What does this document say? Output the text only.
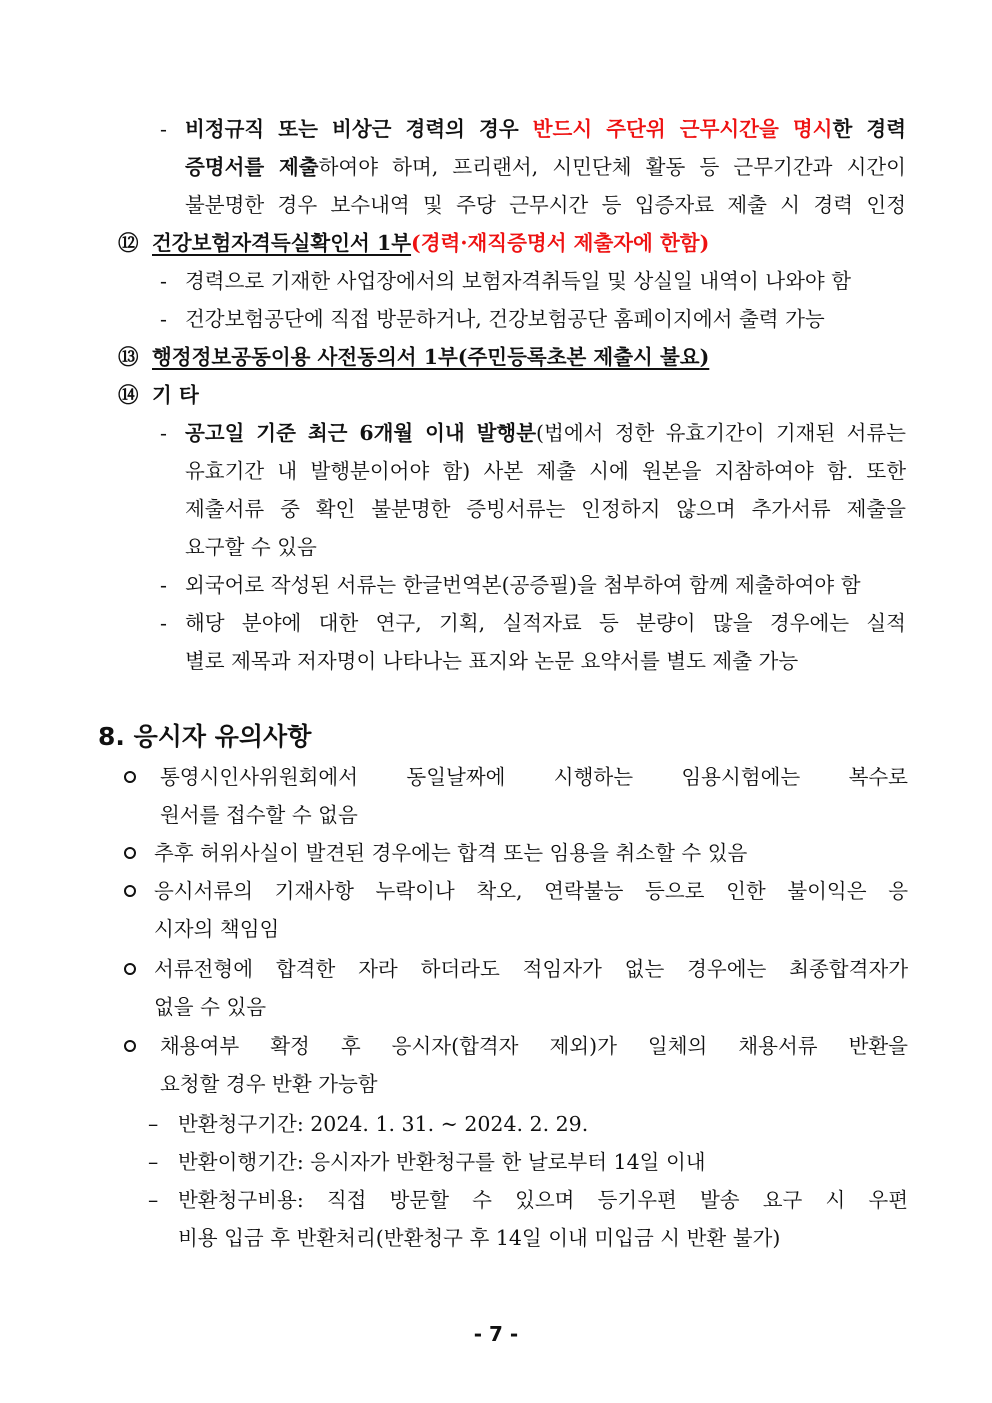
- 비정규직 또는 비상근 경력의 경우 반드시 주단위 근무시간을 명시한 경력
증명서를 제출하여야 하며, 프리랜서, 시민단체 활동 등 근무기간과 시간이
불분명한 경우 보수내역 및 주당 근무시간 등 입증자료 제출 시 경력 인정
⑫ 건강보험자격득실확인서 1부(경력·재직증명서 제출자에 한함)
- 경력으로 기재한 사업장에서의 보험자격취득일 및 상실일 내역이 나와야 함
- 건강보험공단에 직접 방문하거나, 건강보험공단 홈페이지에서 출력 가능
⑬ 행정정보공동이용 사전동의서 1부(주민등록초본 제출시 불요)
⑭ 기 타
- 공고일 기준 최근 6개월 이내 발행분(법에서 정한 유효기간이 기재된 서류는
유효기간 내 발행분이어야 함) 사본 제출 시에 원본을 지참하여야 함. 또한
제출서류 중 확인 불분명한 증빙서류는 인정하지 않으며 추가서류 제출을
요구할 수 있음
- 외국어로 작성된 서류는 한글번역본(공증필)을 첨부하여 함께 제출하여야 함
- 해당 분야에 대한 연구, 기획, 실적자료 등 분량이 많을 경우에는 실적
별로 제목과 저자명이 나타나는 표지와 논문 요약서를 별도 제출 가능
8. 응시자 유의사항
통영시인사위원회에서 동일날짜에 시행하는 임용시험에는 복수로
원서를 접수할 수 없음
추후 허위사실이 발견된 경우에는 합격 또는 임용을 취소할 수 있음
응시서류의 기재사항 누락이나 착오, 연락불능 등으로 인한 불이익은 응
시자의 책임임
서류전형에 합격한 자라 하더라도 적임자가 없는 경우에는 최종합격자가
없을 수 있음
채용여부 확정 후 응시자(합격자 제외)가 일체의 채용서류 반환을
요청할 경우 반환 가능함
– 반환청구기간: 2024. 1. 31. ~ 2024. 2. 29.
– 반환이행기간: 응시자가 반환청구를 한 날로부터 14일 이내
– 반환청구비용: 직접 방문할 수 있으며 등기우편 발송 요구 시 우편
비용 입금 후 반환처리(반환청구 후 14일 이내 미입금 시 반환 불가)
- 7 -
